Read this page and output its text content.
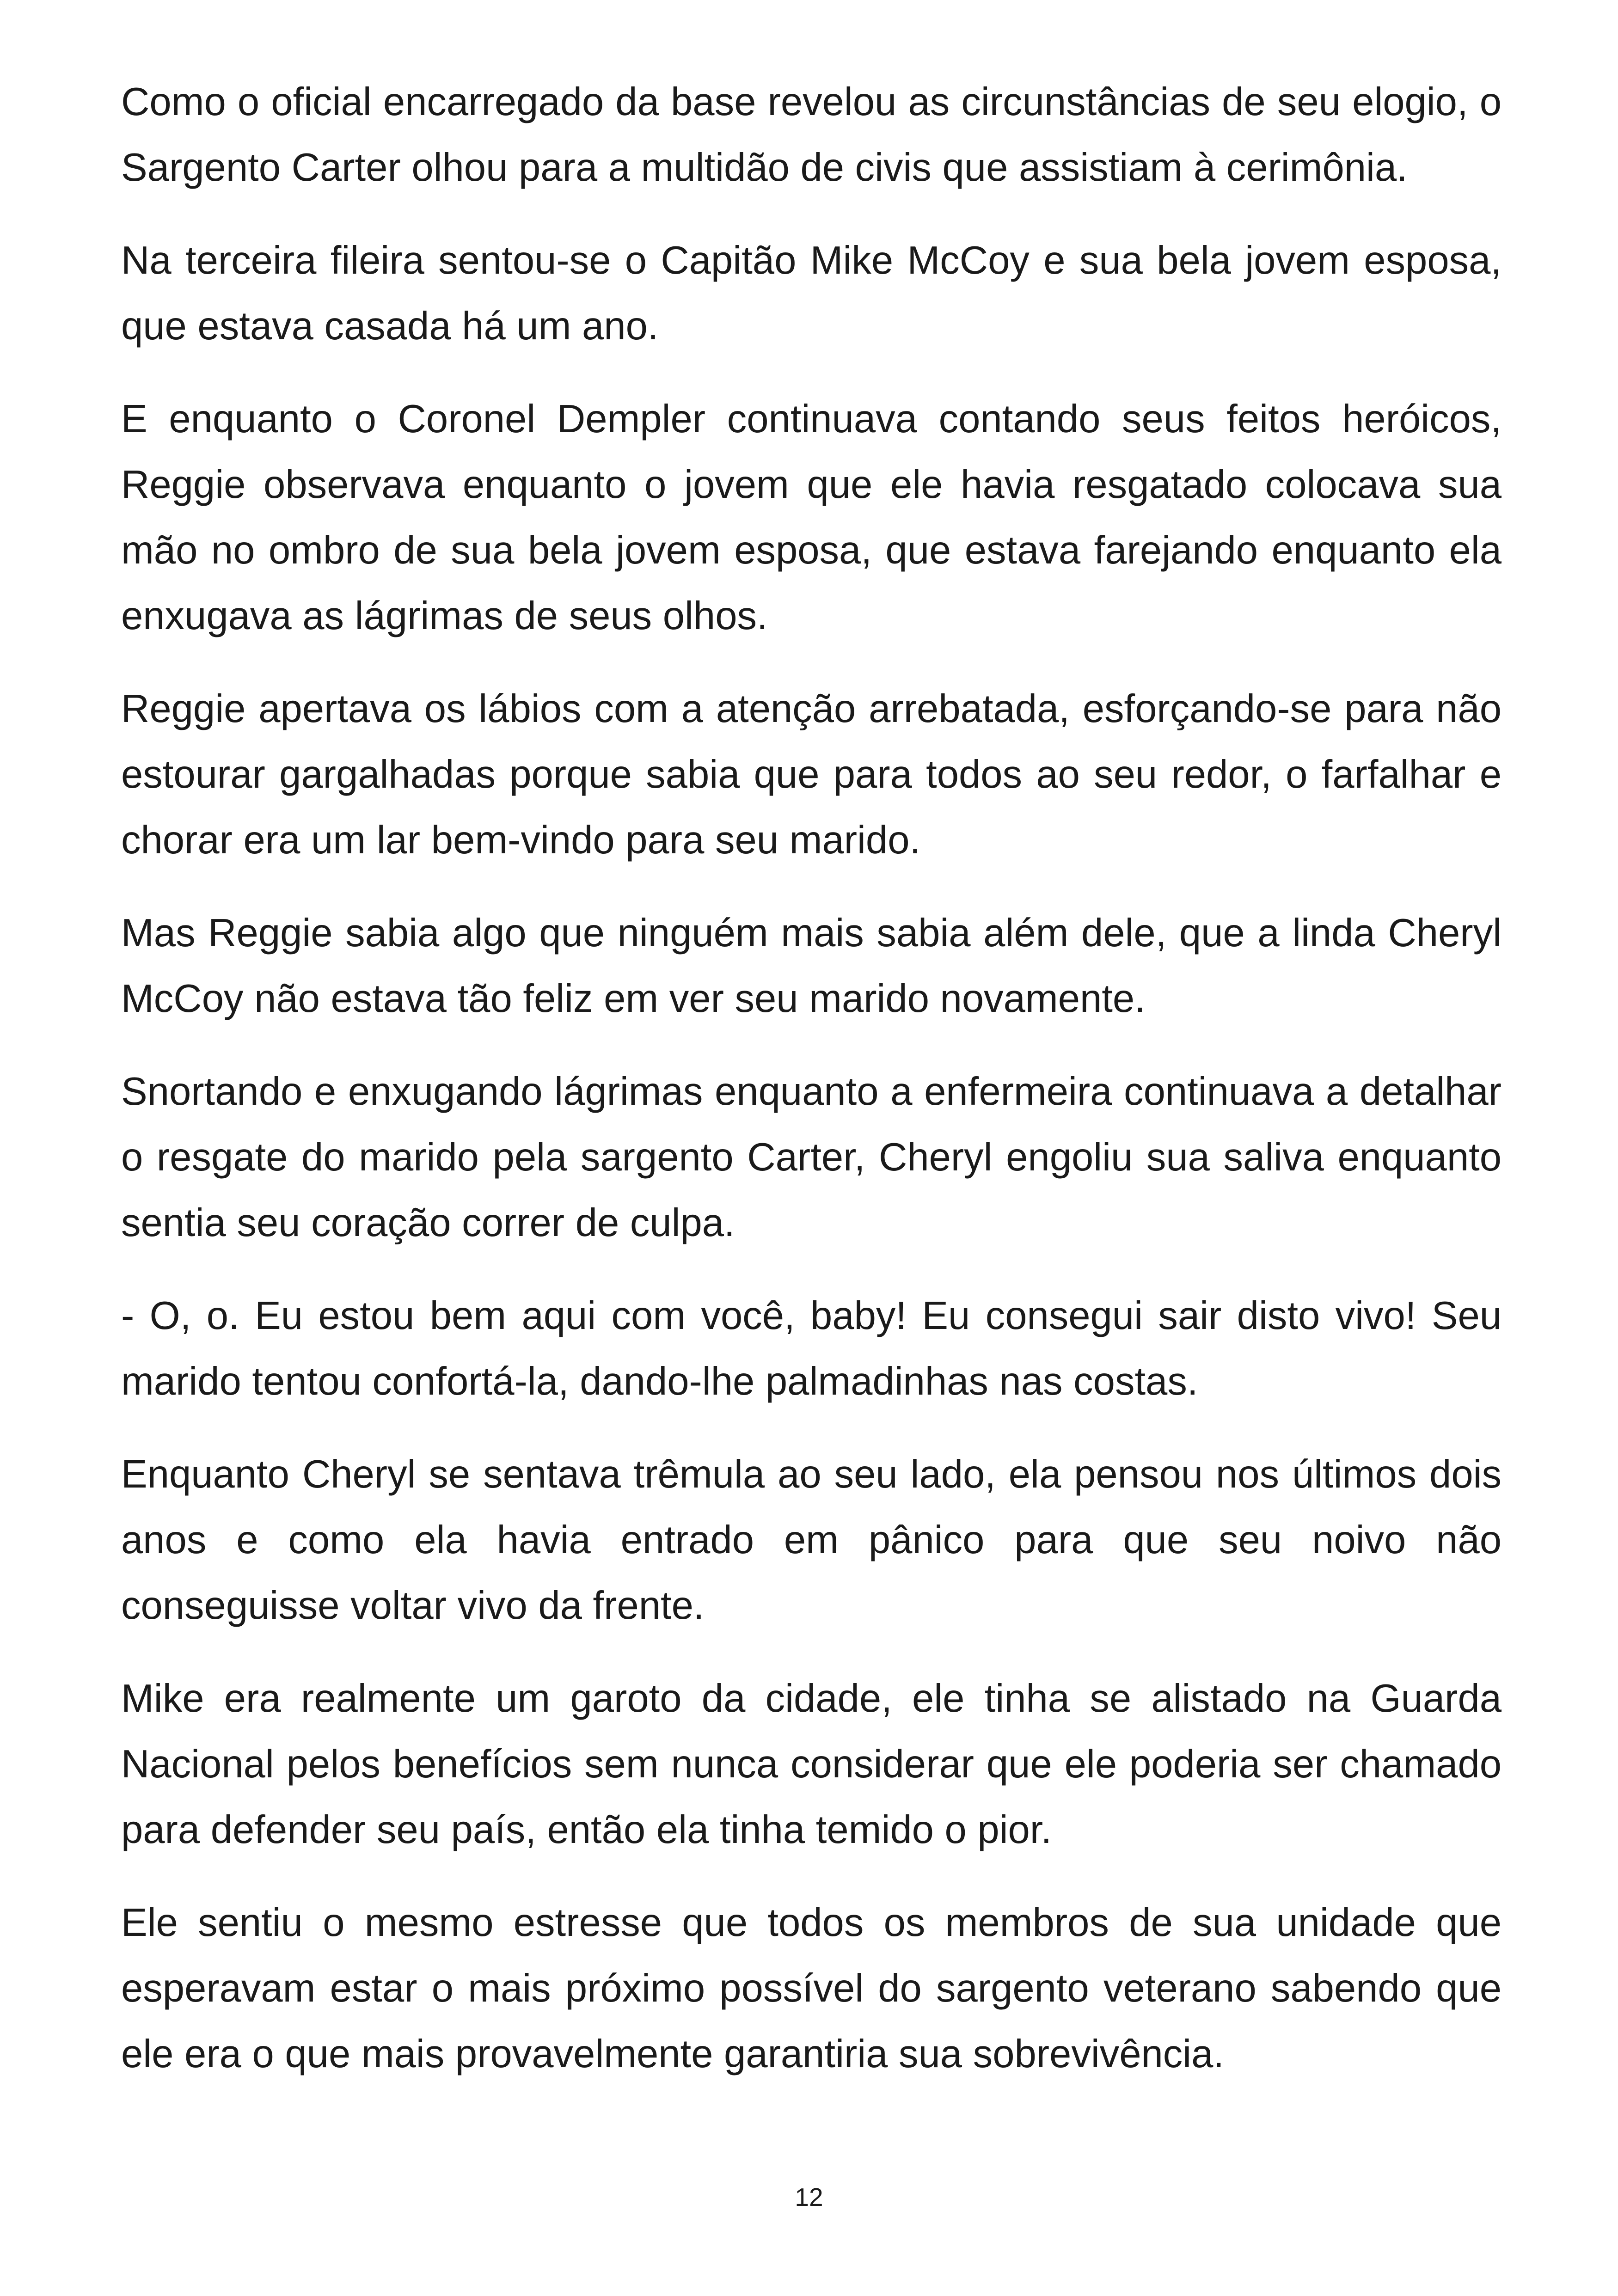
Como o oficial encarregado da base revelou as circunstâncias de seu elogio, o Sargento Carter olhou para a multidão de civis que assistiam à cerimônia.

Na terceira fileira sentou-se o Capitão Mike McCoy e sua bela jovem esposa, que estava casada há um ano.

E enquanto o Coronel Dempler continuava contando seus feitos heróicos, Reggie observava enquanto o jovem que ele havia resgatado colocava sua mão no ombro de sua bela jovem esposa, que estava farejando enquanto ela enxugava as lágrimas de seus olhos.

Reggie apertava os lábios com a atenção arrebatada, esforçando-se para não estourar gargalhadas porque sabia que para todos ao seu redor, o farfalhar e chorar era um lar bem-vindo para seu marido.

Mas Reggie sabia algo que ninguém mais sabia além dele, que a linda Cheryl McCoy não estava tão feliz em ver seu marido novamente.

Snortando e enxugando lágrimas enquanto a enfermeira continuava a detalhar o resgate do marido pela sargento Carter, Cheryl engoliu sua saliva enquanto sentia seu coração correr de culpa.

- O, o. Eu estou bem aqui com você, baby! Eu consegui sair disto vivo! Seu marido tentou confortá-la, dando-lhe palmadinhas nas costas.

Enquanto Cheryl se sentava trêmula ao seu lado, ela pensou nos últimos dois anos e como ela havia entrado em pânico para que seu noivo não conseguisse voltar vivo da frente.

Mike era realmente um garoto da cidade, ele tinha se alistado na Guarda Nacional pelos benefícios sem nunca considerar que ele poderia ser chamado para defender seu país, então ela tinha temido o pior.

Ele sentiu o mesmo estresse que todos os membros de sua unidade que esperavam estar o mais próximo possível do sargento veterano sabendo que ele era o que mais provavelmente garantiria sua sobrevivência.

12
